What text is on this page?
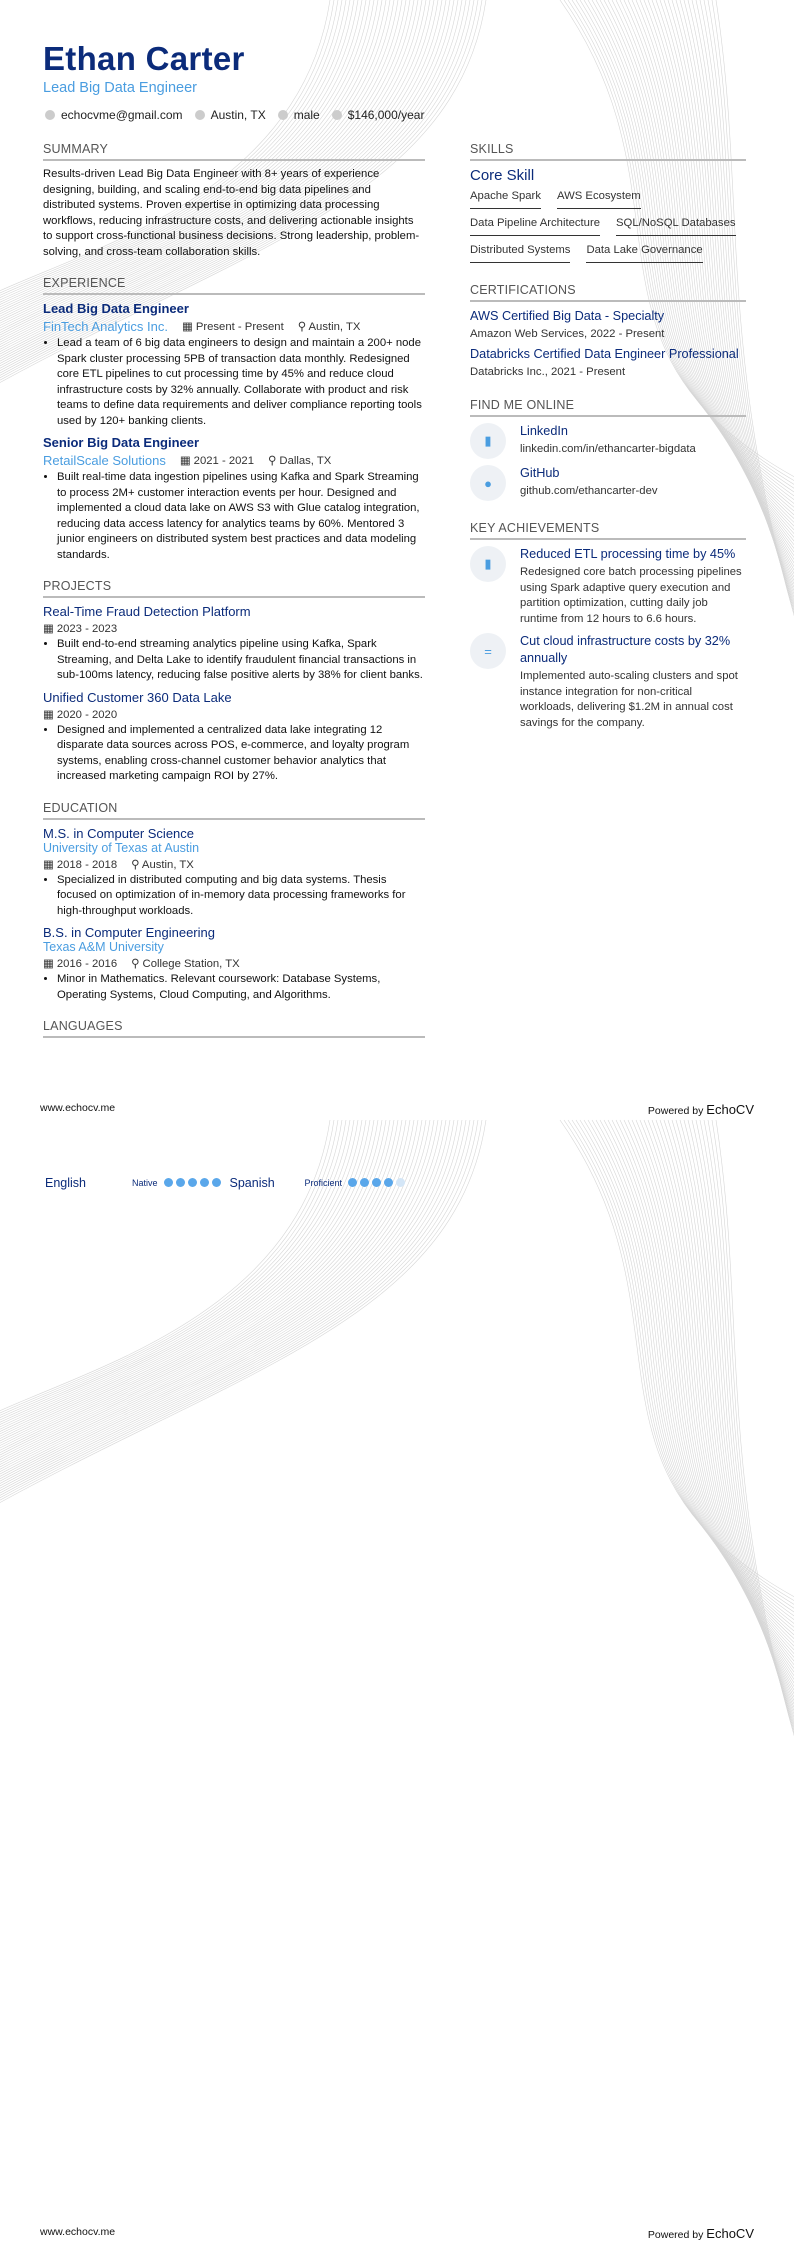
Ethan Carter
Lead Big Data Engineer
echocvme@gmail.com	Austin, TX	male	$146,000/year
SUMMARY

Results-driven Lead Big Data Engineer with 8+ years of experience designing, building, and scaling end-to-end big data pipelines and distributed systems. Proven expertise in optimizing data processing workflows, reducing infrastructure costs, and delivering actionable insights to support cross-functional business decisions. Strong leadership, problem-solving, and cross-team collaboration skills.

EXPERIENCE
Lead Big Data Engineer
FinTech Analytics Inc. ▦ Present - Present ⚲ Austin, TX
• Lead a team of 6 big data engineers to design and maintain a 200+ node Spark cluster processing 5PB of transaction data monthly. Redesigned core ETL pipelines to cut processing time by 45% and reduce cloud infrastructure costs by 32% annually. Collaborate with product and risk teams to define data requirements and deliver compliance reporting tools used by 120+ banking clients.
Senior Big Data Engineer
RetailScale Solutions ▦ 2021 - 2021 ⚲ Dallas, TX
• Built real-time data ingestion pipelines using Kafka and Spark Streaming to process 2M+ customer interaction events per hour. Designed and implemented a cloud data lake on AWS S3 with Glue catalog integration, reducing data access latency for analytics teams by 60%. Mentored 3 junior engineers on distributed system best practices and data modeling standards.
PROJECTS
Real-Time Fraud Detection Platform
▦ 2023 - 2023
• Built end-to-end streaming analytics pipeline using Kafka, Spark Streaming, and Delta Lake to identify fraudulent financial transactions in sub-100ms latency, reducing false positive alerts by 38% for client banks.
Unified Customer 360 Data Lake
▦ 2020 - 2020
• Designed and implemented a centralized data lake integrating 12 disparate data sources across POS, e-commerce, and loyalty program systems, enabling cross-channel customer behavior analytics that increased marketing campaign ROI by 27%.
EDUCATION
M.S. in Computer Science
University of Texas at Austin
▦ 2018 - 2018 ⚲ Austin, TX
• Specialized in distributed computing and big data systems. Thesis focused on optimization of in-memory data processing frameworks for high-throughput workloads.
B.S. in Computer Engineering
Texas A&M University
▦ 2016 - 2016 ⚲ College Station, TX
• Minor in Mathematics. Relevant coursework: Database Systems, Operating Systems, Cloud Computing, and Algorithms.
LANGUAGES
SKILLS
Core Skill
Apache Spark AWS Ecosystem
Data Pipeline Architecture SQL/NoSQL Databases
Distributed Systems Data Lake Governance
CERTIFICATIONS
AWS Certified Big Data - Specialty
Amazon Web Services, 2022 - Present
Databricks Certified Data Engineer Professional
Databricks Inc., 2021 - Present
FIND ME ONLINE
▮
LinkedIn
linkedin.com/in/ethancarter-bigdata
●
GitHub
github.com/ethancarter-dev
KEY ACHIEVEMENTS
▮
Reduced ETL processing time by 45%
Redesigned core batch processing pipelines using Spark adaptive query execution and partition optimization, cutting daily job runtime from 12 hours to 6.6 hours.
=
Cut cloud infrastructure costs by 32% annually
Implemented auto-scaling clusters and spot instance integration for non-critical workloads, delivering $1.2M in annual cost savings for the company.
www.echocv.me	Powered by EchoCV
English	Native	Spanish	Proficient
www.echocv.me	Powered by EchoCV
